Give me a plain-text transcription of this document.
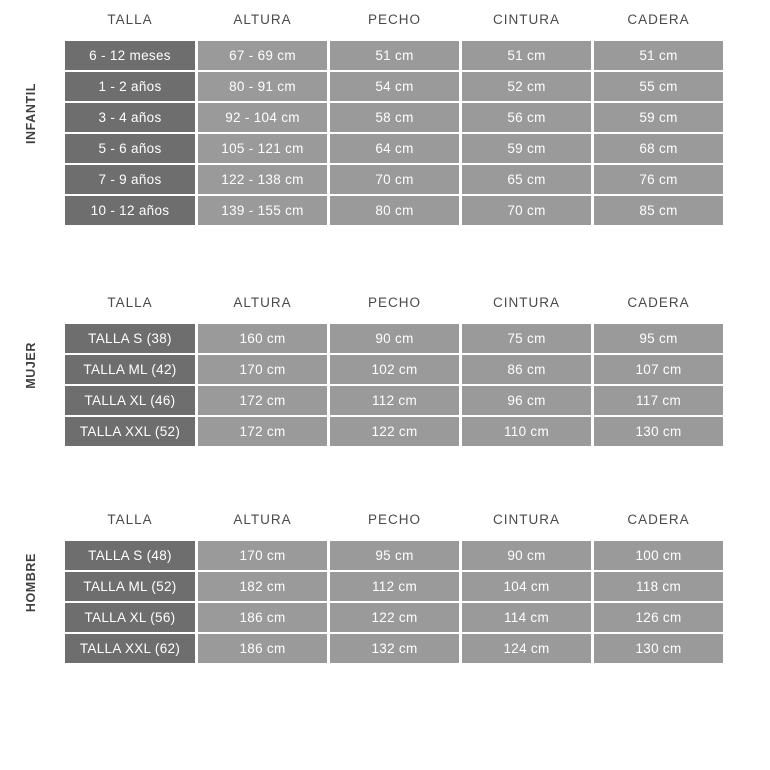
INFANTIL
TALLA	ALTURA	PECHO	CINTURA	CADERA
6 - 12 meses	67 - 69 cm	51 cm	51 cm	51 cm
1 - 2 años	80 - 91 cm	54 cm	52 cm	55 cm
3 - 4 años	92 - 104 cm	58 cm	56 cm	59 cm
5 - 6 años	105 - 121 cm	64 cm	59 cm	68 cm
7 - 9 años	122 - 138 cm	70 cm	65 cm	76 cm
10 - 12 años	139 - 155 cm	80 cm	70 cm	85 cm
MUJER
TALLA	ALTURA	PECHO	CINTURA	CADERA
TALLA S (38)	160 cm	90 cm	75 cm	95 cm
TALLA ML (42)	170 cm	102 cm	86 cm	107 cm
TALLA XL (46)	172 cm	112 cm	96 cm	117 cm
TALLA XXL (52)	172 cm	122 cm	110 cm	130 cm
HOMBRE
TALLA	ALTURA	PECHO	CINTURA	CADERA
TALLA S (48)	170 cm	95 cm	90 cm	100 cm
TALLA ML (52)	182 cm	112 cm	104 cm	118 cm
TALLA XL (56)	186 cm	122 cm	114 cm	126 cm
TALLA XXL (62)	186 cm	132 cm	124 cm	130 cm
